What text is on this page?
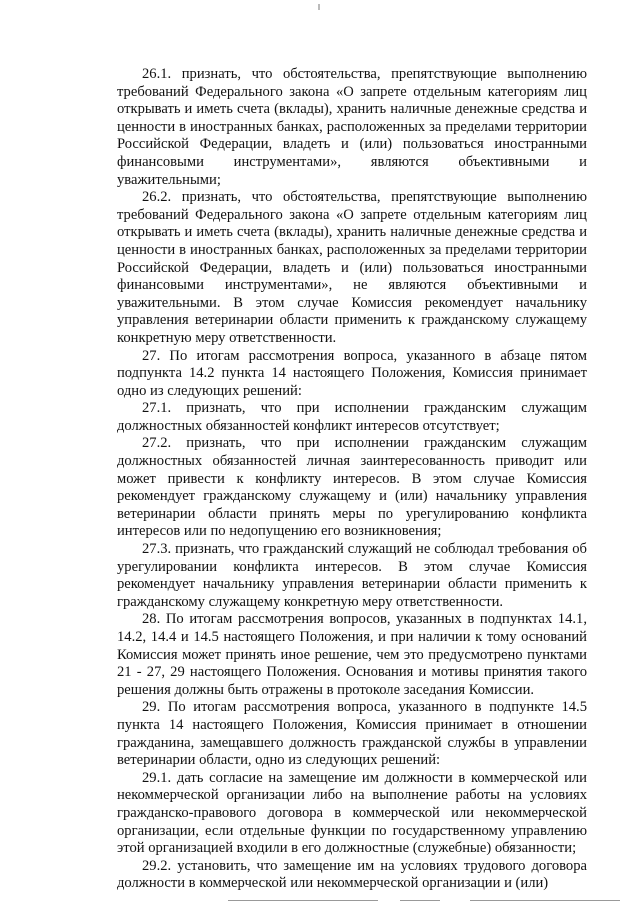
26.1. признать, что обстоятельства, препятствующие выполнению требований Федерального закона «О запрете отдельным категориям лиц открывать и иметь счета (вклады), хранить наличные денежные средства и ценности в иностранных банках, расположенных за пределами территории Российской Федерации, владеть и (или) пользоваться иностранными финансовыми инструментами», являются объективными и уважительными;

26.2. признать, что обстоятельства, препятствующие выполнению требований Федерального закона «О запрете отдельным категориям лиц открывать и иметь счета (вклады), хранить наличные денежные средства и ценности в иностранных банках, расположенных за пределами территории Российской Федерации, владеть и (или) пользоваться иностранными финансовыми инструментами», не являются объективными и уважительными. В этом случае Комиссия рекомендует начальнику управления ветеринарии области применить к гражданскому служащему конкретную меру ответственности.

27. По итогам рассмотрения вопроса, указанного в абзаце пятом подпункта 14.2 пункта 14 настоящего Положения, Комиссия принимает одно из следующих решений:

27.1. признать, что при исполнении гражданским служащим должностных обязанностей конфликт интересов отсутствует;

27.2. признать, что при исполнении гражданским служащим должностных обязанностей личная заинтересованность приводит или может привести к конфликту интересов. В этом случае Комиссия рекомендует гражданскому служащему и (или) начальнику управления ветеринарии области принять меры по урегулированию конфликта интересов или по недопущению его возникновения;

27.3. признать, что гражданский служащий не соблюдал требования об урегулировании конфликта интересов. В этом случае Комиссия рекомендует начальнику управления ветеринарии области применить к гражданскому служащему конкретную меру ответственности.

28. По итогам рассмотрения вопросов, указанных в подпунктах 14.1, 14.2, 14.4 и 14.5 настоящего Положения, и при наличии к тому оснований Комиссия может принять иное решение, чем это предусмотрено пунктами 21 - 27, 29 настоящего Положения. Основания и мотивы принятия такого решения должны быть отражены в протоколе заседания Комиссии.

29. По итогам рассмотрения вопроса, указанного в подпункте 14.5 пункта 14 настоящего Положения, Комиссия принимает в отношении гражданина, замещавшего должность гражданской службы в управлении ветеринарии области, одно из следующих решений:

29.1. дать согласие на замещение им должности в коммерческой или некоммерческой организации либо на выполнение работы на условиях гражданско-правового договора в коммерческой или некоммерческой организации, если отдельные функции по государственному управлению этой организацией входили в его должностные (служебные) обязанности;

29.2. установить, что замещение им на условиях трудового договора должности в коммерческой или некоммерческой организации и (или)
